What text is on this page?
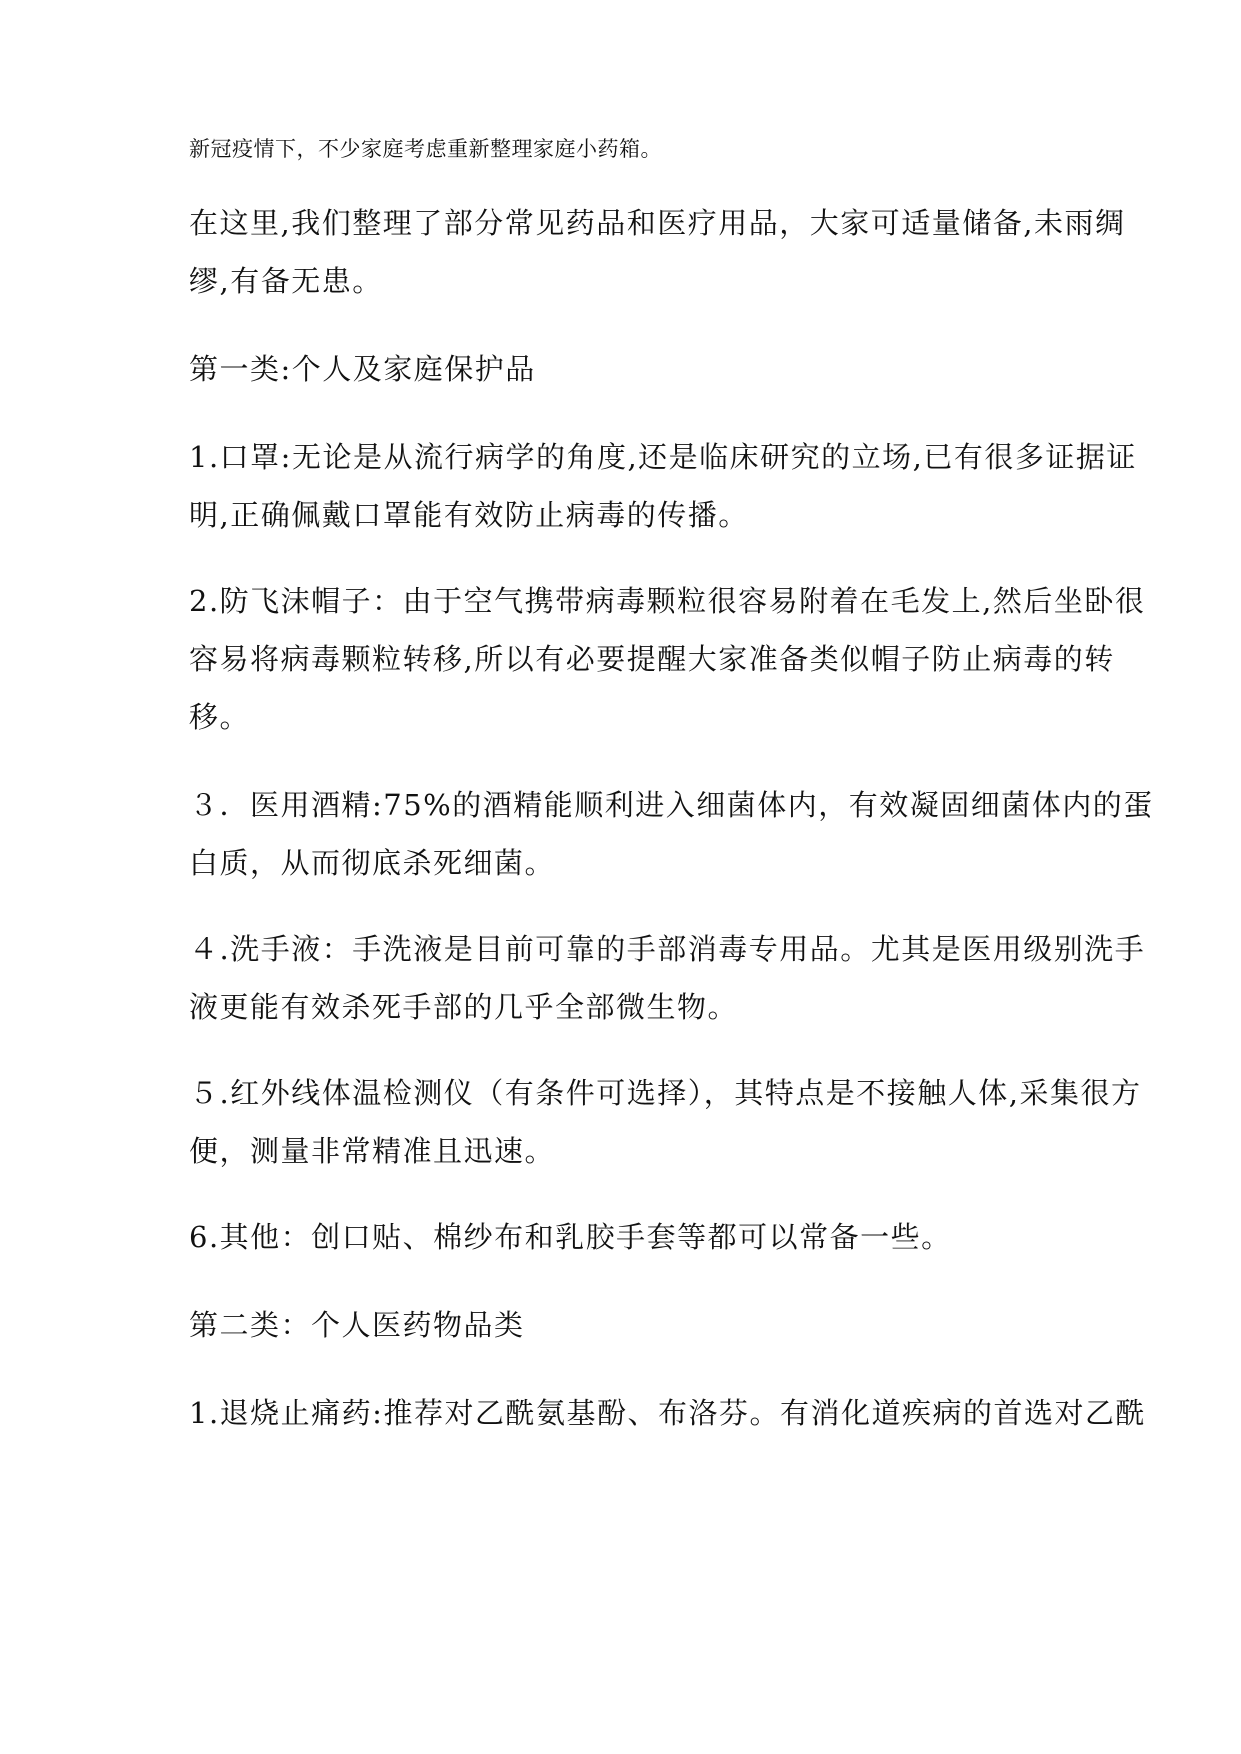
新冠疫情下，不少家庭考虑重新整理家庭小药箱。

在这里,我们整理了部分常见药品和医疗用品，大家可适量储备,未雨绸
缪,有备无患。

第一类:个人及家庭保护品

1.口罩:无论是从流行病学的角度,还是临床研究的立场,已有很多证据证
明,正确佩戴口罩能有效防止病毒的传播。

2.防飞沫帽子：由于空气携带病毒颗粒很容易附着在毛发上,然后坐卧很
容易将病毒颗粒转移,所以有必要提醒大家准备类似帽子防止病毒的转
移。

３．医用酒精:75%的酒精能顺利进入细菌体内，有效凝固细菌体内的蛋
白质，从而彻底杀死细菌。

４.洗手液：手洗液是目前可靠的手部消毒专用品。尤其是医用级别洗手
液更能有效杀死手部的几乎全部微生物。

５.红外线体温检测仪（有条件可选择），其特点是不接触人体,采集很方
便，测量非常精准且迅速。

6.其他：创口贴、棉纱布和乳胶手套等都可以常备一些。

第二类：个人医药物品类

1.退烧止痛药:推荐对乙酰氨基酚、布洛芬。有消化道疾病的首选对乙酰
